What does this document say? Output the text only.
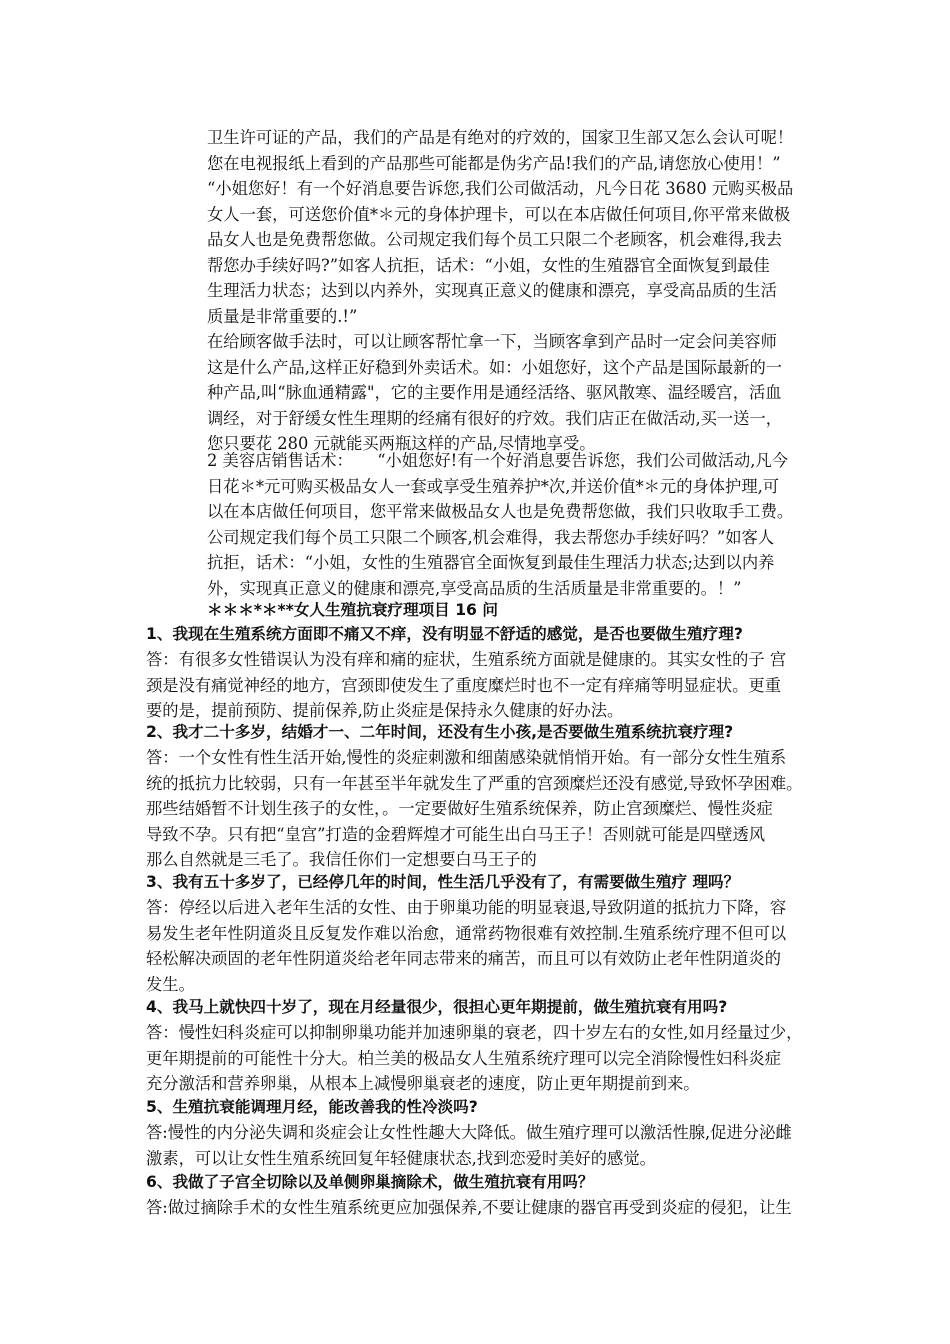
卫生许可证的产品，我们的产品是有绝对的疗效的，国家卫生部又怎么会认可呢！
您在电视报纸上看到的产品那些可能都是伪劣产品!我们的产品,请您放心使用！”
“小姐您好！有一个好消息要告诉您,我们公司做活动，凡今日花 3680 元购买极品
女人一套，可送您价值*＊元的身体护理卡，可以在本店做任何项目,你平常来做极
品女人也是免费帮您做。公司规定我们每个员工只限二个老顾客，机会难得,我去
帮您办手续好吗?”如客人抗拒，话术：“小姐，女性的生殖器官全面恢复到最佳
生理活力状态；达到以内养外，实现真正意义的健康和漂亮，享受高品质的生活
质量是非常重要的.!”
在给顾客做手法时，可以让顾客帮忙拿一下，当顾客拿到产品时一定会问美容师
这是什么产品,这样正好稳到外卖话术。如：小姐您好，这个产品是国际最新的一
种产品,叫“脉血通精露"，它的主要作用是通经活络、驱风散寒、温经暖宫，活血
调经，对于舒缓女性生理期的经痛有很好的疗效。我们店正在做活动,买一送一，
您只要花 280 元就能买两瓶这样的产品,尽情地享受。
2 美容店销售话术：　　“小姐您好!有一个好消息要告诉您，我们公司做活动,凡今
日花＊*元可购买极品女人一套或享受生殖养护*次,并送价值*＊元的身体护理,可
以在本店做任何项目，您平常来做极品女人也是免费帮您做，我们只收取手工费。
公司规定我们每个员工只限二个顾客,机会难得，我去帮您办手续好吗？”如客人
抗拒，话术：“小姐，女性的生殖器官全面恢复到最佳生理活力状态;达到以内养
外，实现真正意义的健康和漂亮,享受高品质的生活质量是非常重要的。！”
＊＊＊*＊**女人生殖抗衰疗理项目 16 问
1、我现在生殖系统方面即不痛又不痒，没有明显不舒适的感觉，是否也要做生殖疗理?
答：有很多女性错误认为没有痒和痛的症状，生殖系统方面就是健康的。其实女性的子 宫
颈是没有痛觉神经的地方，宫颈即使发生了重度糜烂时也不一定有痒痛等明显症状。更重
要的是，提前预防、提前保养,防止炎症是保持永久健康的好办法。
2、我才二十多岁，结婚才一、二年时间，还没有生小孩,是否要做生殖系统抗衰疗理?
答：一个女性有性生活开始,慢性的炎症刺激和细菌感染就悄悄开始。有一部分女性生殖系
统的抵抗力比较弱，只有一年甚至半年就发生了严重的宫颈糜烂还没有感觉,导致怀孕困难。
那些结婚暂不计划生孩子的女性，。一定要做好生殖系统保养，防止宫颈糜烂、慢性炎症
导致不孕。只有把“皇宫”打造的金碧辉煌才可能生出白马王子！否则就可能是四壁透风
那么自然就是三毛了。我信任你们一定想要白马王子的
3、我有五十多岁了，已经停几年的时间，性生活几乎没有了，有需要做生殖疗 理吗？
答：停经以后进入老年生活的女性、由于卵巢功能的明显衰退,导致阴道的抵抗力下降，容
易发生老年性阴道炎且反复发作难以治愈，通常药物很难有效控制.生殖系统疗理不但可以
轻松解决顽固的老年性阴道炎给老年同志带来的痛苦，而且可以有效防止老年性阴道炎的
发生。
4、我马上就快四十岁了，现在月经量很少，很担心更年期提前，做生殖抗衰有用吗?
答：慢性妇科炎症可以抑制卵巢功能并加速卵巢的衰老，四十岁左右的女性,如月经量过少，
更年期提前的可能性十分大。柏兰美的极品女人生殖系统疗理可以完全消除慢性妇科炎症
充分激活和营养卵巢，从根本上减慢卵巢衰老的速度，防止更年期提前到来。
5、生殖抗衰能调理月经，能改善我的性冷淡吗?
答:慢性的内分泌失调和炎症会让女性性趣大大降低。做生殖疗理可以激活性腺,促进分泌雌
激素，可以让女性生殖系统回复年轻健康状态,找到恋爱时美好的感觉。
6、我做了子宫全切除以及单侧卵巢摘除术，做生殖抗衰有用吗？
答:做过摘除手术的女性生殖系统更应加强保养,不要让健康的器官再受到炎症的侵犯，让生
